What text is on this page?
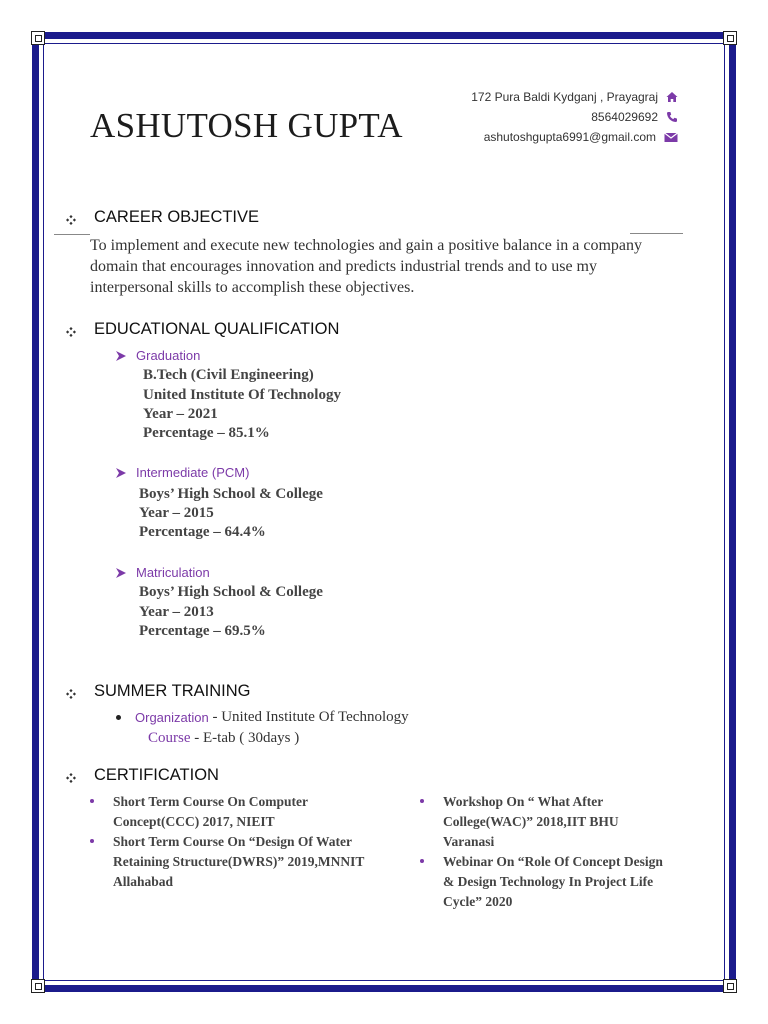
ASHUTOSH GUPTA
172 Pura Baldi Kydganj , Prayagraj
8564029692
ashutoshgupta6991@gmail.com
CAREER OBJECTIVE
To implement and execute new technologies and gain a positive balance in a company domain that encourages innovation and predicts industrial trends and to use my interpersonal skills to accomplish these objectives.
EDUCATIONAL QUALIFICATION
Graduation
B.Tech (Civil Engineering)
United Institute Of Technology
Year – 2021
Percentage – 85.1%
Intermediate (PCM)
Boys’ High School & College
Year – 2015
Percentage – 64.4%
Matriculation
Boys’ High School & College
Year – 2013
Percentage – 69.5%
SUMMER TRAINING
Organization - United Institute Of Technology
Course - E-tab ( 30days )
CERTIFICATION
Short Term Course On Computer Concept(CCC) 2017, NIEIT
Short Term Course On “Design Of Water Retaining Structure(DWRS)” 2019,MNNIT Allahabad
Workshop On “ What After College(WAC)” 2018,IIT BHU Varanasi
Webinar On “Role Of Concept Design & Design Technology In Project Life Cycle” 2020
